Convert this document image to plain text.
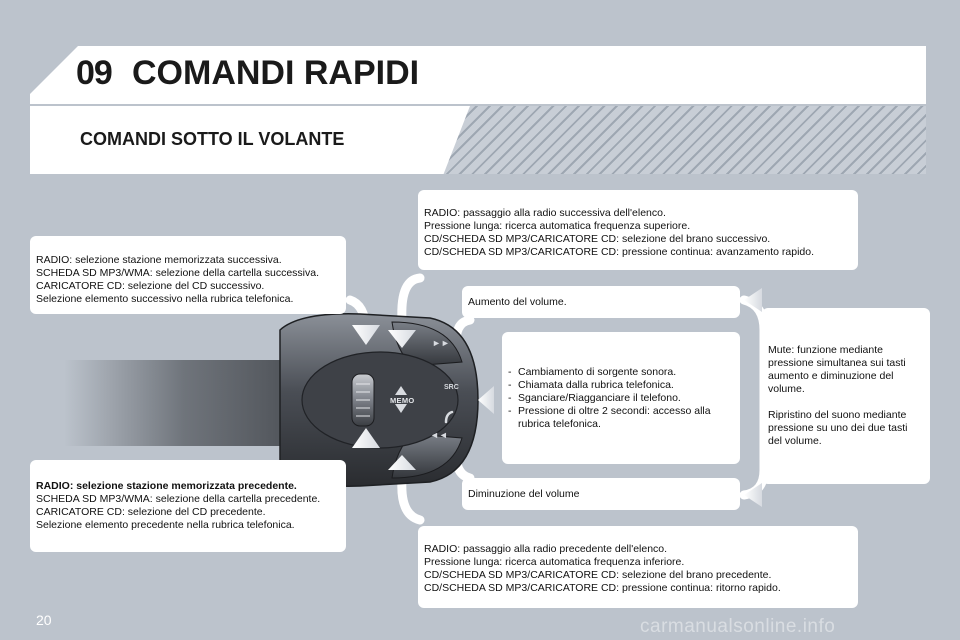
09 COMANDI RAPIDI
COMANDI SOTTO IL VOLANTE
MEMO
SRC
►►
◄◄

RADIO: selezione stazione memorizzata successiva.

SCHEDA SD MP3/WMA: selezione della cartella successiva.

CARICATORE CD: selezione del CD successivo.

Selezione elemento successivo nella rubrica telefonica.

RADIO: selezione stazione memorizzata precedente.

SCHEDA SD MP3/WMA: selezione della cartella precedente.

CARICATORE CD: selezione del CD precedente.

Selezione elemento precedente nella rubrica telefonica.

RADIO: passaggio alla radio successiva dell'elenco.

Pressione lunga: ricerca automatica frequenza superiore.

CD/SCHEDA SD MP3/CARICATORE CD: selezione del brano successivo.

CD/SCHEDA SD MP3/CARICATORE CD: pressione continua: avanzamento rapido.

Aumento del volume.

- Cambiamento di sorgente sonora.
- Chiamata dalla rubrica telefonica.
- Sganciare/Riagganciare il telefono.
- Pressione di oltre 2 secondi: accesso alla rubrica telefonica.

Diminuzione del volume

Mute: funzione mediante pressione simultanea sui tasti aumento e diminuzione del volume.

Ripristino del suono mediante pressione su uno dei due tasti del volume.

RADIO: passaggio alla radio precedente dell'elenco.

Pressione lunga: ricerca automatica frequenza inferiore.

CD/SCHEDA SD MP3/CARICATORE CD: selezione del brano precedente.

CD/SCHEDA SD MP3/CARICATORE CD: pressione continua: ritorno rapido.

20	carmanualsonline.info
